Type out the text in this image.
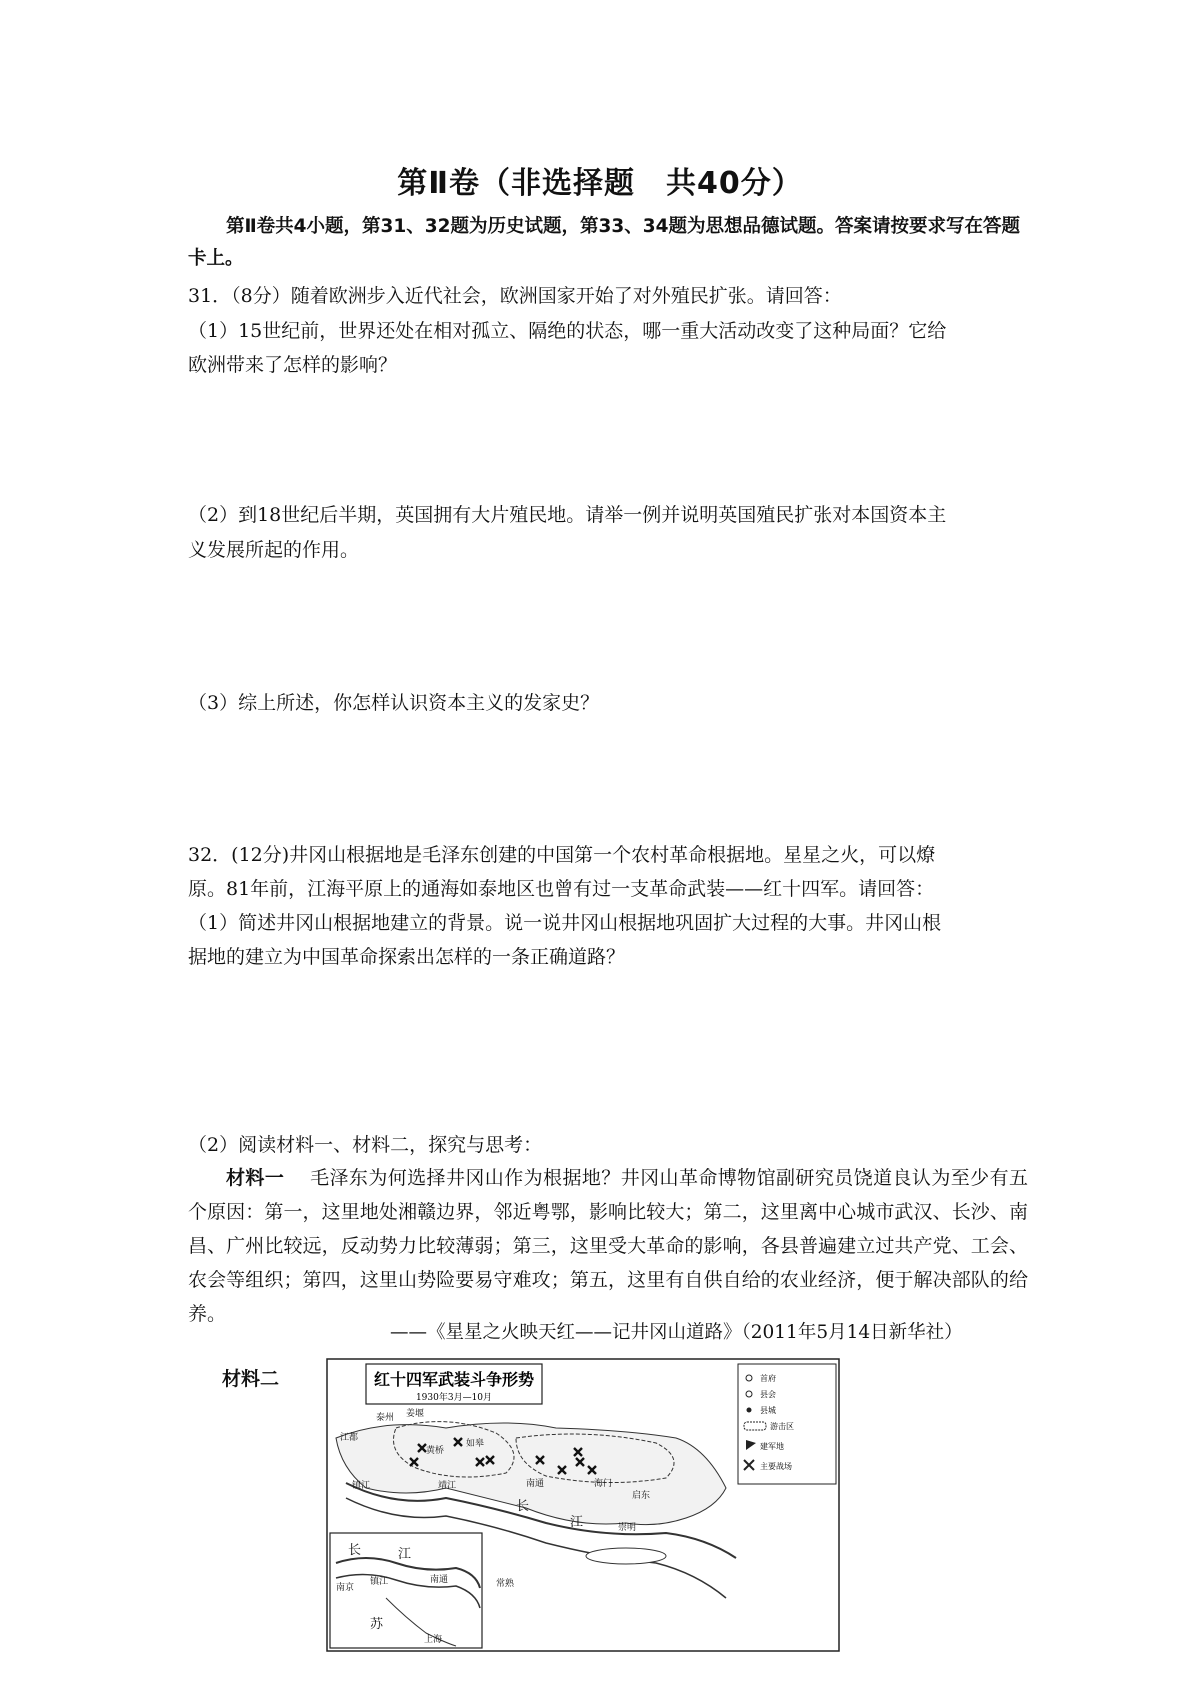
第Ⅱ卷（非选择题　共40分）
第Ⅱ卷共4小题，第31、32题为历史试题，第33、34题为思想品德试题。答案请按要求写在答题卡上。
31．（8分）随着欧洲步入近代社会，欧洲国家开始了对外殖民扩张。请回答：
（1）15世纪前，世界还处在相对孤立、隔绝的状态，哪一重大活动改变了这种局面？它给
欧洲带来了怎样的影响？
（2）到18世纪后半期，英国拥有大片殖民地。请举一例并说明英国殖民扩张对本国资本主
义发展所起的作用。
（3）综上所述，你怎样认识资本主义的发家史？
32．(12分)井冈山根据地是毛泽东创建的中国第一个农村革命根据地。星星之火，可以燎
原。81年前，江海平原上的通海如泰地区也曾有过一支革命武装——红十四军。请回答：
（1）简述井冈山根据地建立的背景。说一说井冈山根据地巩固扩大过程的大事。井冈山根
据地的建立为中国革命探索出怎样的一条正确道路？
（2）阅读材料一、材料二，探究与思考：
材料一 毛泽东为何选择井冈山作为根据地？井冈山革命博物馆副研究员饶道良认为至少有五个原因：第一，这里地处湘赣边界，邻近粤鄂，影响比较大；第二，这里离中心城市武汉、长沙、南昌、广州比较远，反动势力比较薄弱；第三，这里受大革命的影响，各县普遍建立过共产党、工会、农会等组织；第四，这里山势险要易守难攻；第五，这里有自供自给的农业经济，便于解决部队的给养。
——《星星之火映天红——记井冈山道路》（2011年5月14日新华社）
材料二	红十四军武装斗争形势
1930年3月—10月
首府
县会
县城
游击区
建军地
主要战场
泰州 姜堰
江都
镇江	靖江
黄桥
如皋
南通	海门
启东
崇明
长
江
长	江
南京
镇江	南通	常熟
上海
苏
